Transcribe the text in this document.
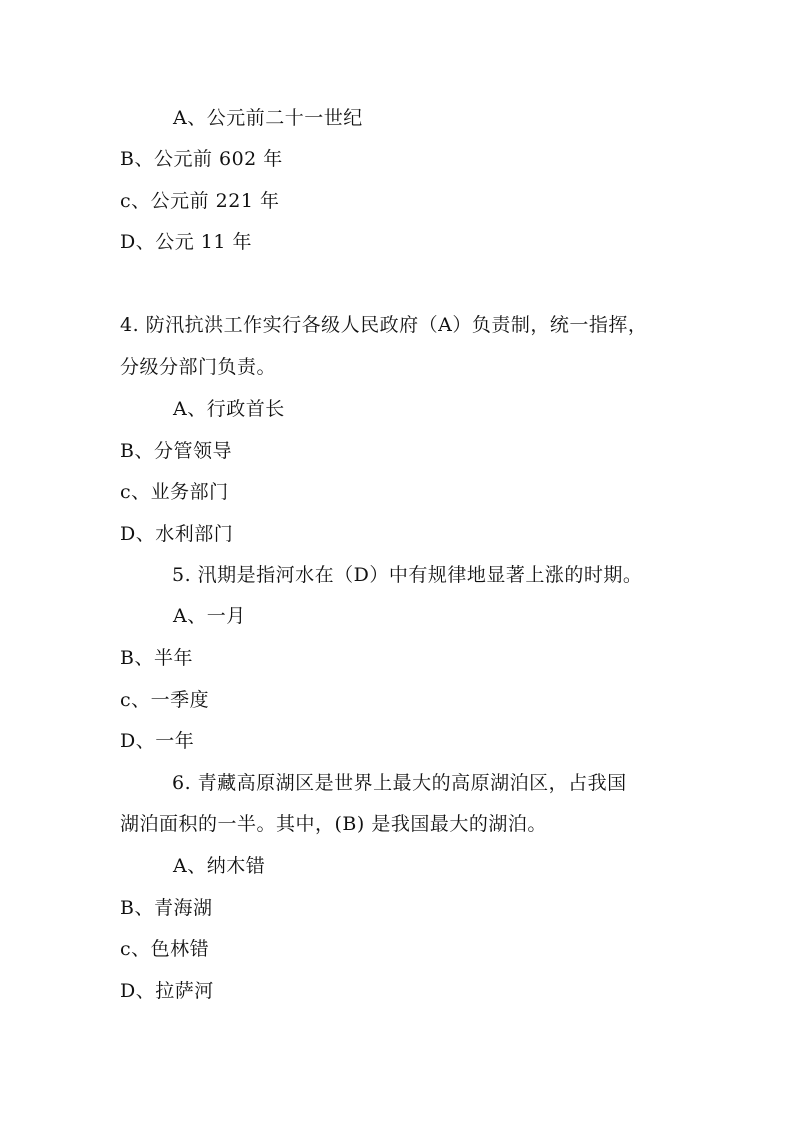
A、公元前二十一世纪
B、公元前 602 年
c、公元前 221 年
D、公元 11 年
4. 防汛抗洪工作实行各级人民政府（A）负责制，统一指挥，
分级分部门负责。
A、行政首长
B、分管领导
c、业务部门
D、水利部门
5. 汛期是指河水在（D）中有规律地显著上涨的时期。
A、一月
B、半年
c、一季度
D、一年
6. 青藏高原湖区是世界上最大的高原湖泊区，占我国
湖泊面积的一半。其中，(B) 是我国最大的湖泊。
A、纳木错
B、青海湖
c、色林错
D、拉萨河
